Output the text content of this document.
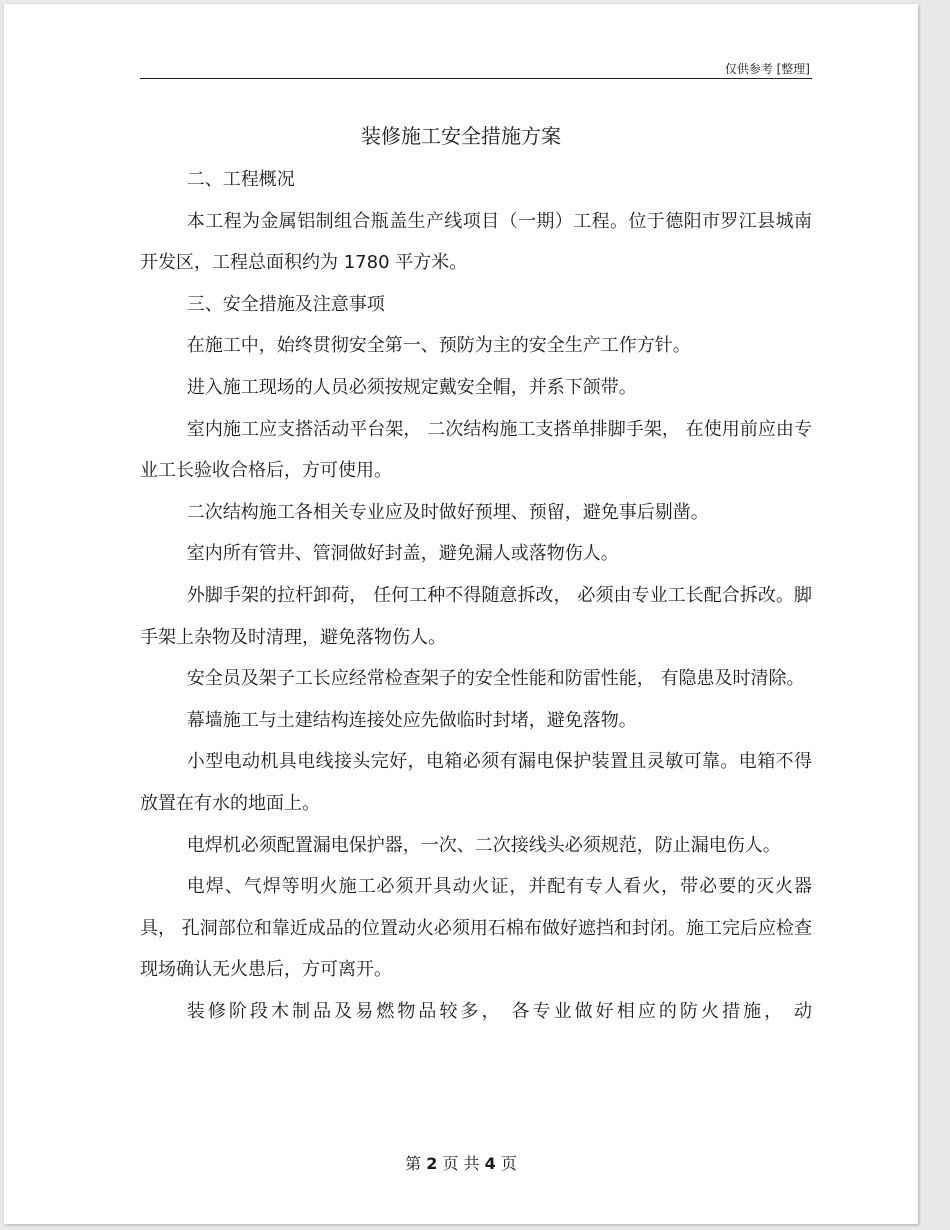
仅供参考 [整理]
装修施工安全措施方案

二、工程概况

本工程为金属铝制组合瓶盖生产线项目（一期）工程。位于德阳市罗江县城南开发区，工程总面积约为 1780 平方米。

三、安全措施及注意事项

在施工中，始终贯彻安全第一、预防为主的安全生产工作方针。

进入施工现场的人员必须按规定戴安全帽，并系下颌带。

室内施工应支搭活动平台架， 二次结构施工支搭单排脚手架， 在使用前应由专业工长验收合格后，方可使用。

二次结构施工各相关专业应及时做好预埋、预留，避免事后剔凿。

室内所有管井、管洞做好封盖，避免漏人或落物伤人。

外脚手架的拉杆卸荷， 任何工种不得随意拆改， 必须由专业工长配合拆改。脚手架上杂物及时清理，避免落物伤人。

安全员及架子工长应经常检查架子的安全性能和防雷性能， 有隐患及时清除。

幕墙施工与土建结构连接处应先做临时封堵，避免落物。

小型电动机具电线接头完好，电箱必须有漏电保护装置且灵敏可靠。电箱不得放置在有水的地面上。

电焊机必须配置漏电保护器，一次、二次接线头必须规范，防止漏电伤人。

电焊、气焊等明火施工必须开具动火证，并配有专人看火，带必要的灭火器具， 孔洞部位和靠近成品的位置动火必须用石棉布做好遮挡和封闭。施工完后应检查现场确认无火患后，方可离开。

装修阶段木制品及易燃物品较多， 各专业做好相应的防火措施， 动

第 2 页 共 4 页
